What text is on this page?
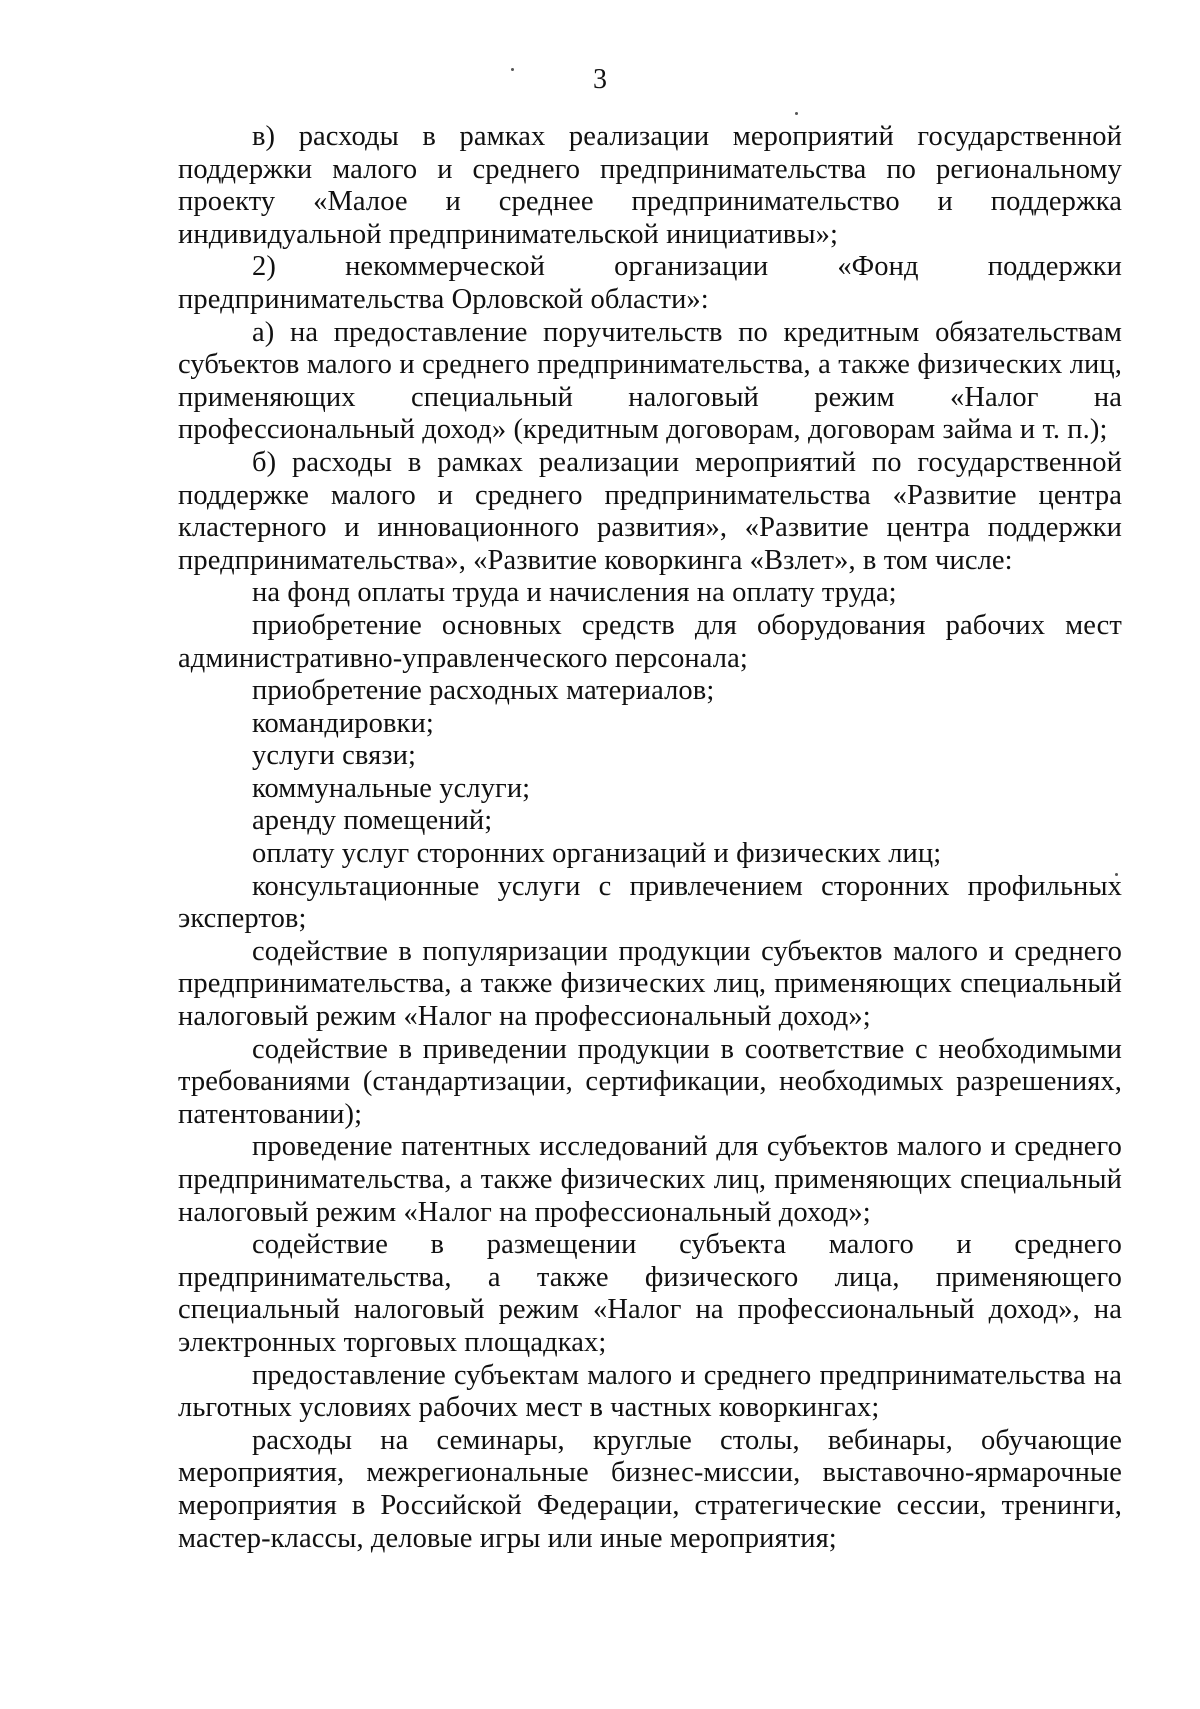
3

в) расходы в рамках реализации мероприятий государственной поддержки малого и среднего предпринимательства по региональному проекту «Малое и среднее предпринимательство и поддержка индивидуальной предпринимательской инициативы»;

2) некоммерческой организации «Фонд поддержки предпринимательства Орловской области»:

а) на предоставление поручительств по кредитным обязательствам субъектов малого и среднего предпринимательства, а также физических лиц, применяющих специальный налоговый режим «Налог на профессиональный доход» (кредитным договорам, договорам займа и т. п.);

б) расходы в рамках реализации мероприятий по государственной поддержке малого и среднего предпринимательства «Развитие центра кластерного и инновационного развития», «Развитие центра поддержки предпринимательства», «Развитие коворкинга «Взлет», в том числе:

на фонд оплаты труда и начисления на оплату труда;

приобретение основных средств для оборудования рабочих мест административно-управленческого персонала;

приобретение расходных материалов;

командировки;

услуги связи;

коммунальные услуги;

аренду помещений;

оплату услуг сторонних организаций и физических лиц;

консультационные услуги с привлечением сторонних профильных экспертов;

содействие в популяризации продукции субъектов малого и среднего предпринимательства, а также физических лиц, применяющих специальный налоговый режим «Налог на профессиональный доход»;

содействие в приведении продукции в соответствие с необходимыми требованиями (стандартизации, сертификации, необходимых разрешениях, патентовании);

проведение патентных исследований для субъектов малого и среднего предпринимательства, а также физических лиц, применяющих специальный налоговый режим «Налог на профессиональный доход»;

содействие в размещении субъекта малого и среднего предпринимательства, а также физического лица, применяющего специальный налоговый режим «Налог на профессиональный доход», на электронных торговых площадках;

предоставление субъектам малого и среднего предпринимательства на льготных условиях рабочих мест в частных коворкингах;

расходы на семинары, круглые столы, вебинары, обучающие мероприятия, межрегиональные бизнес-миссии, выставочно-ярмарочные мероприятия в Российской Федерации, стратегические сессии, тренинги, мастер-классы, деловые игры или иные мероприятия;
